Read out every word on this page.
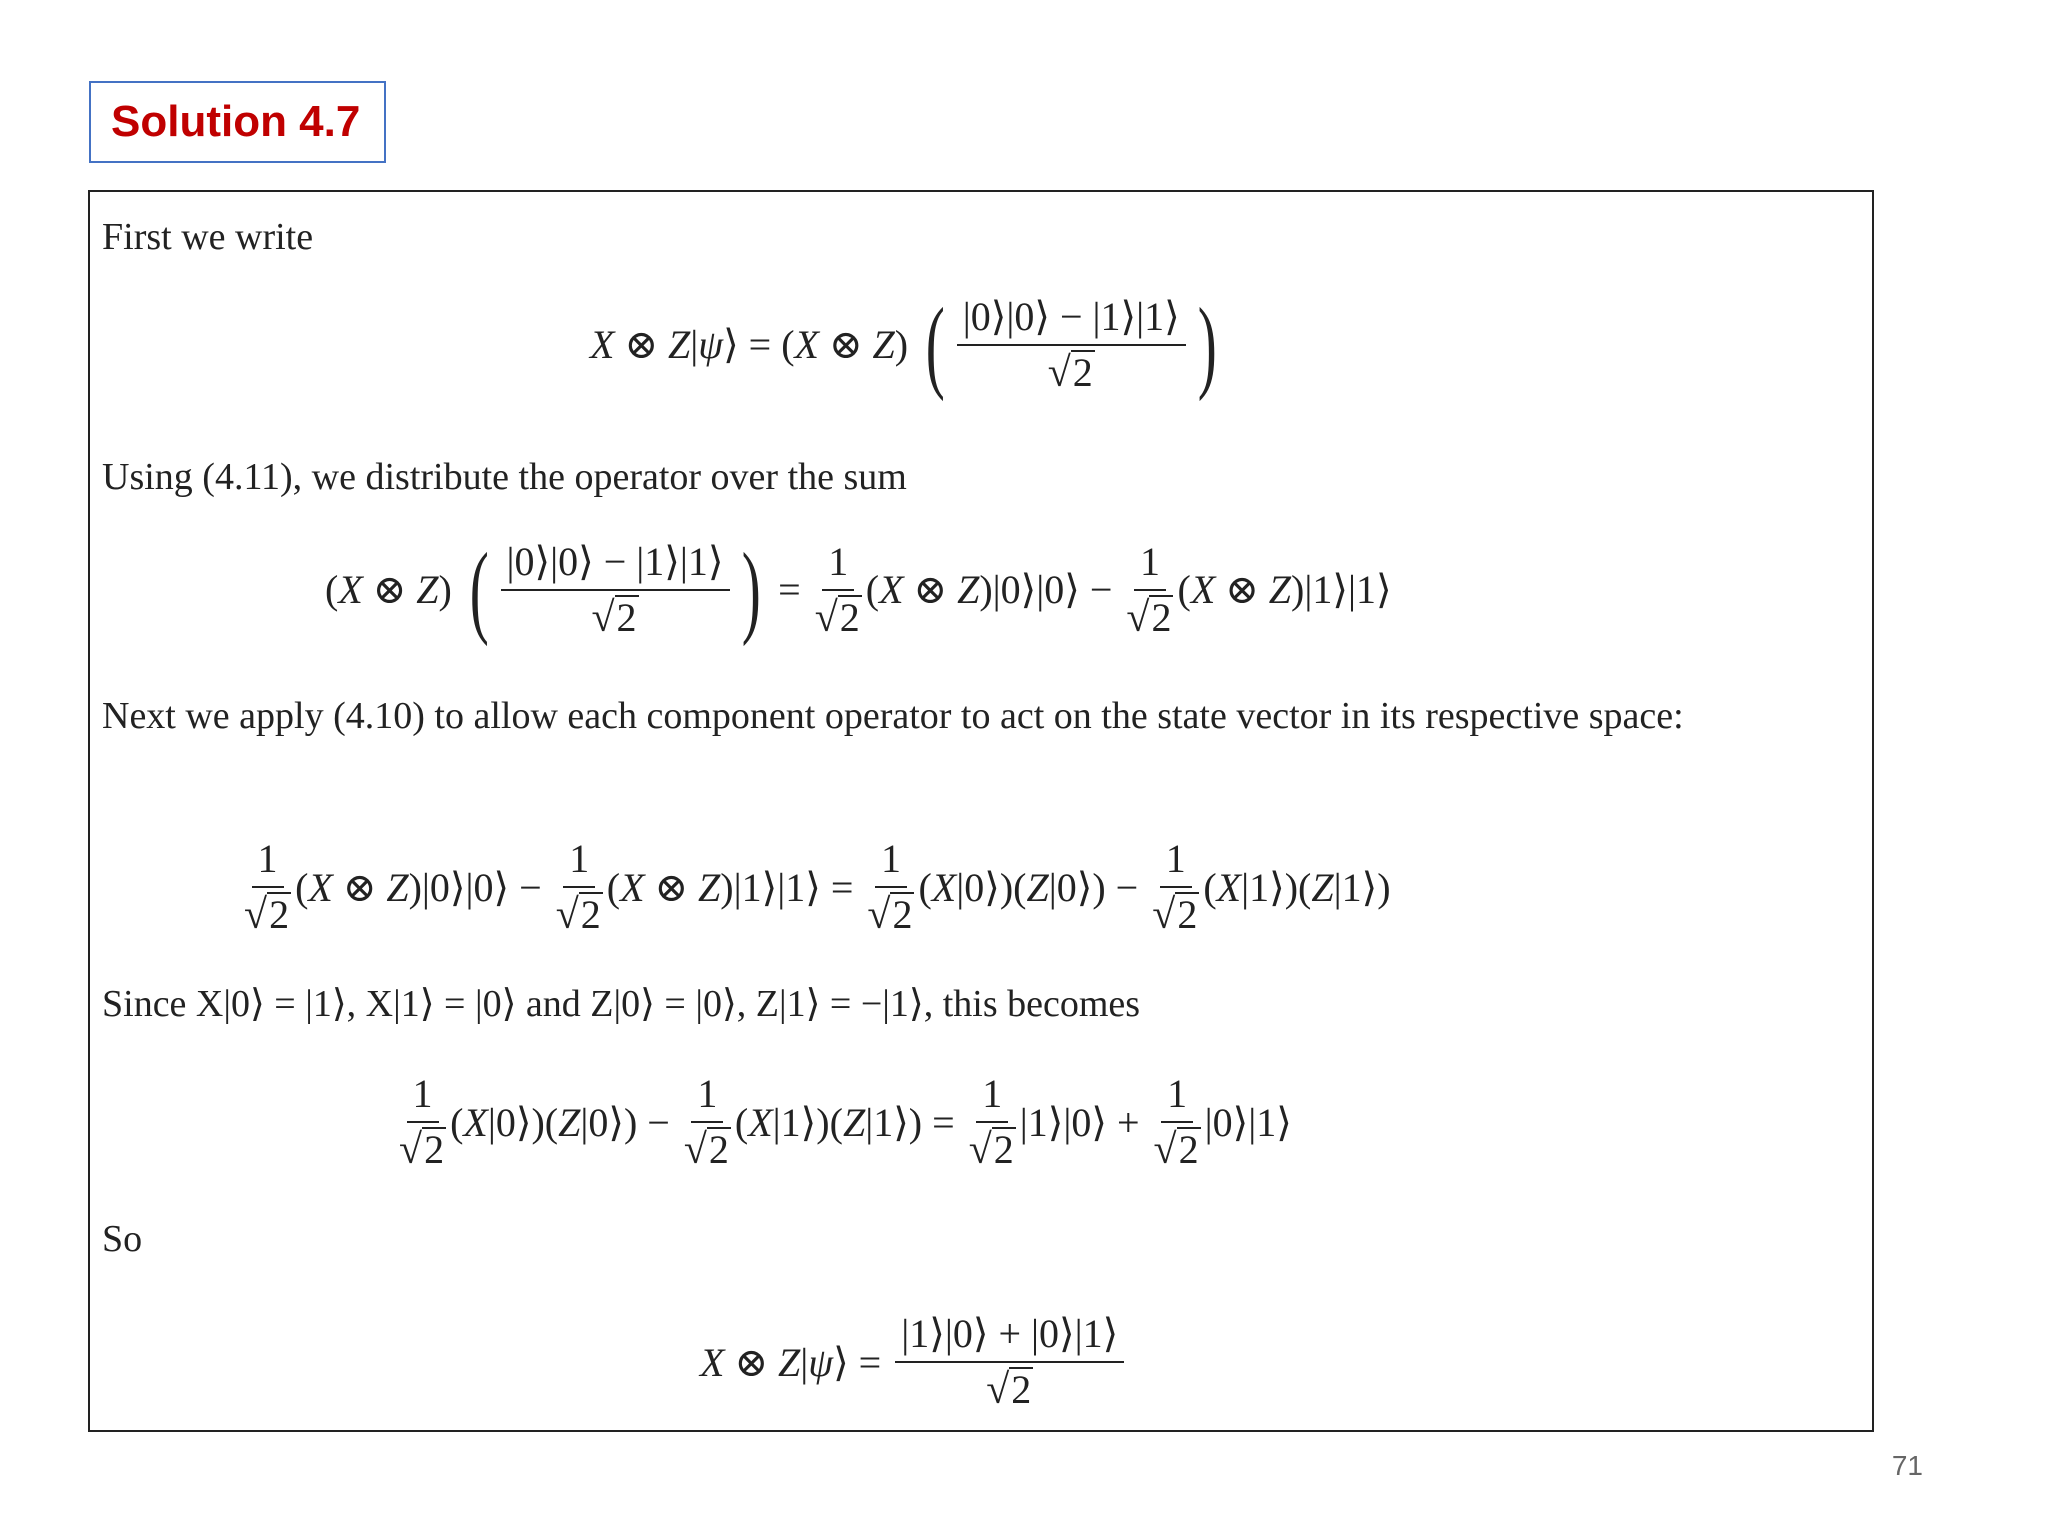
Solution 4.7
First we write
X ⊗ Z|ψ⟩ = (X ⊗ Z) ( $\frac{|0⟩|0⟩ - |1⟩|1⟩}{√ 2}$ )
Using (4.11), we distribute the operator over the sum
(X ⊗ Z) ( $\frac{|0⟩|0⟩ - |1⟩|1⟩}{√ 2}$ ) = $\frac{1}{√ 2} (X$ ⊗ Z)|0⟩|0⟩ − $\frac{1}{√ 2} (X$ ⊗ Z)|1⟩|1⟩
Next we apply (4.10) to allow each component operator to act on the state vector in its respective space:
$\frac{1}{√ 2} (X$ ⊗ Z)|0⟩|0⟩ − $\frac{1}{√ 2} (X$ ⊗ Z)|1⟩|1⟩ = $\frac{1}{√ 2}$ (X|0⟩)(Z|0⟩) − $\frac{1}{√ 2}$ (X|1⟩)(Z|1⟩)
Since X|0⟩ = |1⟩, X|1⟩ = |0⟩ and Z|0⟩ = |0⟩, Z|1⟩ = −|1⟩, this becomes
$\frac{1}{√ 2}$ (X|0⟩)(Z|0⟩) − $\frac{1}{√ 2}$ (X|1⟩)(Z|1⟩) = $\frac{1}{√ 2}$ |1⟩|0⟩ + $\frac{1}{√ 2}$ |0⟩|1⟩
So
X ⊗ Z|ψ⟩ = $\frac{|1⟩|0⟩ + |0⟩|1⟩}{√ 2}$
71
